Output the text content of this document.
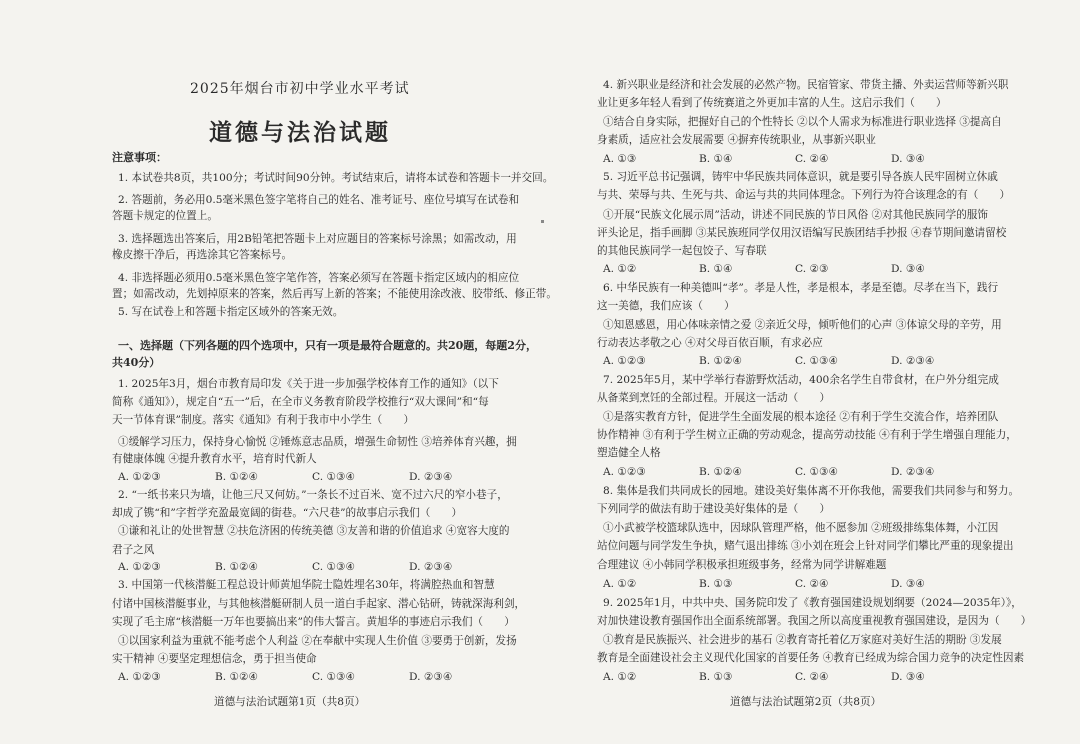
2025年烟台市初中学业水平考试
道德与法治试题
注意事项：
1. 本试卷共8页，共100分；考试时间90分钟。考试结束后，请将本试卷和答题卡一并交回。
2. 答题前，务必用0.5毫米黑色签字笔将自己的姓名、准考证号、座位号填写在试卷和
答题卡规定的位置上。
3. 选择题选出答案后，用2B铅笔把答题卡上对应题目的答案标号涂黑；如需改动，用
橡皮擦干净后，再选涂其它答案标号。
4. 非选择题必须用0.5毫米黑色签字笔作答，答案必须写在答题卡指定区域内的相应位
置；如需改动，先划掉原来的答案，然后再写上新的答案；不能使用涂改液、胶带纸、修正带。
5. 写在试卷上和答题卡指定区域外的答案无效。
一、选择题（下列各题的四个选项中，只有一项是最符合题意的。共20题，每题2分，
共40分）
1. 2025年3月，烟台市教育局印发《关于进一步加强学校体育工作的通知》（以下
简称《通知》），规定自“五一”后，在全市义务教育阶段学校推行“双大课间”和“每
天一节体育课”制度。落实《通知》有利于我市中小学生（　　）
①缓解学习压力，保持身心愉悦 ②锤炼意志品质，增强生命韧性 ③培养体育兴趣，拥
有健康体魄 ④提升教育水平，培育时代新人
A. ①②③	B. ①②④	C. ①③④	D. ②③④
2. “一纸书来只为墙，让他三尺又何妨。”一条长不过百米、宽不过六尺的窄小巷子，
却成了镌“和”字哲学充盈最宽阔的街巷。“六尺巷”的故事启示我们（　　）
①谦和礼让的处世智慧 ②扶危济困的传统美德 ③友善和谐的价值追求 ④宽容大度的
君子之风
A. ①②③	B. ①②④	C. ①③④	D. ②③④
3. 中国第一代核潜艇工程总设计师黄旭华院士隐姓埋名30年，将满腔热血和智慧
付诸中国核潜艇事业，与其他核潜艇研制人员一道白手起家、潜心钻研，铸就深海利剑，
实现了毛主席“核潜艇一万年也要搞出来”的伟大誓言。黄旭华的事迹启示我们（　　）
①以国家利益为重就不能考虑个人利益 ②在奉献中实现人生价值 ③要勇于创新，发扬
实干精神 ④要坚定理想信念，勇于担当使命
A. ①②③	B. ①②④	C. ①③④	D. ②③④
4. 新兴职业是经济和社会发展的必然产物。民宿管家、带货主播、外卖运营师等新兴职
业让更多年轻人看到了传统赛道之外更加丰富的人生。这启示我们（　　）
①结合自身实际，把握好自己的个性特长 ②以个人需求为标准进行职业选择 ③提高自
身素质，适应社会发展需要 ④摒弃传统职业，从事新兴职业
A. ①③	B. ①④	C. ②④	D. ③④
5. 习近平总书记强调，铸牢中华民族共同体意识，就是要引导各族人民牢固树立休戚
与共、荣辱与共、生死与共、命运与共的共同体理念。下列行为符合该理念的有（　　）
①开展“民族文化展示周”活动，讲述不同民族的节日风俗 ②对其他民族同学的服饰
评头论足，指手画脚 ③某民族班同学仅用汉语编写民族团结手抄报 ④春节期间邀请留校
的其他民族同学一起包饺子、写春联
A. ①②	B. ①④	C. ②③	D. ③④
6. 中华民族有一种美德叫“孝”。孝是人性，孝是根本，孝是至德。尽孝在当下，践行
这一美德，我们应该（　　）
①知恩感恩，用心体味亲情之爱 ②亲近父母，倾听他们的心声 ③体谅父母的辛劳，用
行动表达孝敬之心 ④对父母百依百顺，有求必应
A. ①②③	B. ①②④	C. ①③④	D. ②③④
7. 2025年5月，某中学举行春游野炊活动，400余名学生自带食材，在户外分组完成
从备菜到烹饪的全部过程。开展这一活动（　　）
①是落实教育方针，促进学生全面发展的根本途径 ②有利于学生交流合作，培养团队
协作精神 ③有利于学生树立正确的劳动观念，提高劳动技能 ④有利于学生增强自理能力，
塑造健全人格
A. ①②③	B. ①②④	C. ①③④	D. ②③④
8. 集体是我们共同成长的园地。建设美好集体离不开你我他，需要我们共同参与和努力。
下列同学的做法有助于建设美好集体的是（　　）
①小武被学校篮球队选中，因球队管理严格，他不愿参加 ②班级排练集体舞，小江因
站位问题与同学发生争执，赌气退出排练 ③小刘在班会上针对同学们攀比严重的现象提出
合理建议 ④小韩同学积极承担班级事务，经常为同学讲解难题
A. ①②	B. ①③	C. ②④	D. ③④
9. 2025年1月，中共中央、国务院印发了《教育强国建设规划纲要（2024—2035年）》，
对加快建设教育强国作出全面系统部署。我国之所以高度重视教育强国建设，是因为（　　）
①教育是民族振兴、社会进步的基石 ②教育寄托着亿万家庭对美好生活的期盼 ③发展
教育是全面建设社会主义现代化国家的首要任务 ④教育已经成为综合国力竞争的决定性因素
A. ①②	B. ①③	C. ②④	D. ③④
道德与法治试题第1页（共8页）	道德与法治试题第2页（共8页）
